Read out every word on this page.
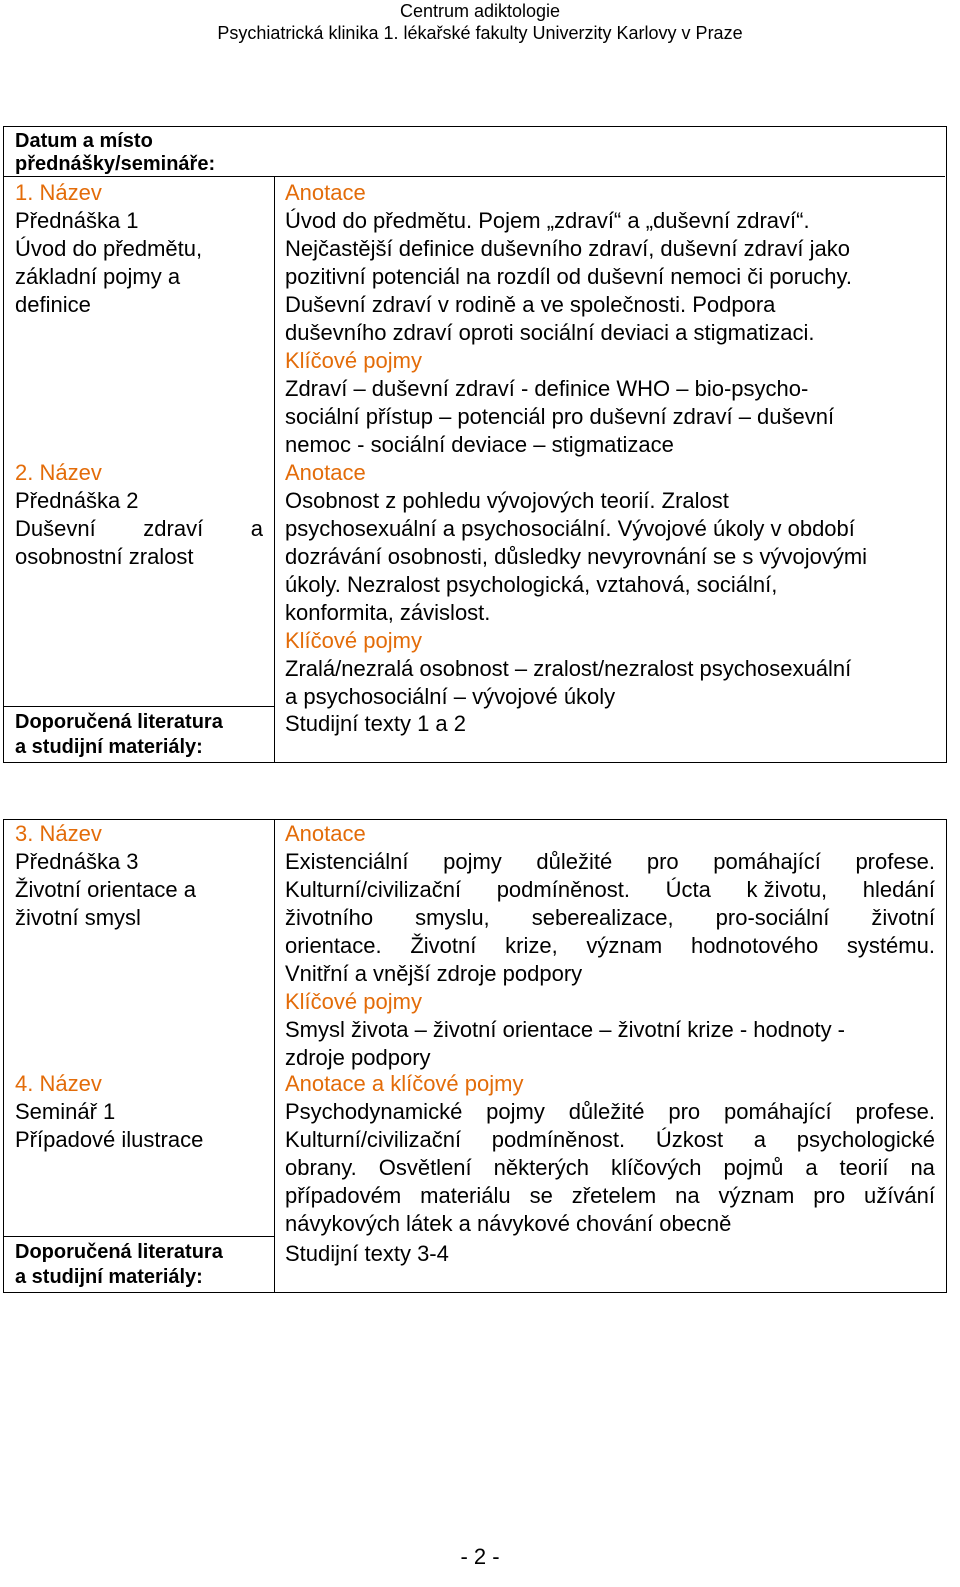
Centrum adiktologie
Psychiatrická klinika 1. lékařské fakulty Univerzity Karlovy v Praze
Datum a místo
přednášky/semináře:
1. Název
Přednáška 1
Úvod do předmětu,
základní pojmy a
definice
Anotace
Úvod do předmětu. Pojem „zdraví“ a „duševní zdraví“.
Nejčastější definice duševního zdraví, duševní zdraví jako
pozitivní potenciál na rozdíl od duševní nemoci či poruchy.
Duševní zdraví v rodině a ve společnosti. Podpora
duševního zdraví oproti sociální deviaci a stigmatizaci.
Klíčové pojmy
Zdraví – duševní zdraví - definice WHO – bio-psycho-
sociální přístup – potenciál pro duševní zdraví – duševní
nemoc - sociální deviace – stigmatizace
2. Název
Přednáška 2
Duševní zdraví a
osobnostní zralost
Anotace
Osobnost z pohledu vývojových teorií. Zralost
psychosexuální a psychosociální. Vývojové úkoly v období
dozrávání osobnosti, důsledky nevyrovnání se s vývojovými
úkoly. Nezralost psychologická, vztahová, sociální,
konformita, závislost.
Klíčové pojmy
Zralá/nezralá osobnost – zralost/nezralost psychosexuální
a psychosociální – vývojové úkoly
Doporučená literatura
a studijní materiály:
Studijní texty 1 a 2
3. Název
Přednáška 3
Životní orientace a
životní smysl
Anotace
Existenciální pojmy důležité pro pomáhající profese.
Kulturní/civilizační podmíněnost. Úcta k životu, hledání
životního smyslu, seberealizace, pro-sociální životní
orientace. Životní krize, význam hodnotového systému.
Vnitřní a vnější zdroje podpory
Klíčové pojmy
Smysl života – životní orientace – životní krize - hodnoty -
zdroje podpory
4. Název
Seminář 1
Případové ilustrace
Anotace a klíčové pojmy
Psychodynamické pojmy důležité pro pomáhající profese.
Kulturní/civilizační podmíněnost. Úzkost a psychologické
obrany. Osvětlení některých klíčových pojmů a teorií na
případovém materiálu se zřetelem na význam pro užívání
návykových látek a návykové chování obecně
Doporučená literatura
a studijní materiály:
Studijní texty 3-4
- 2 -
